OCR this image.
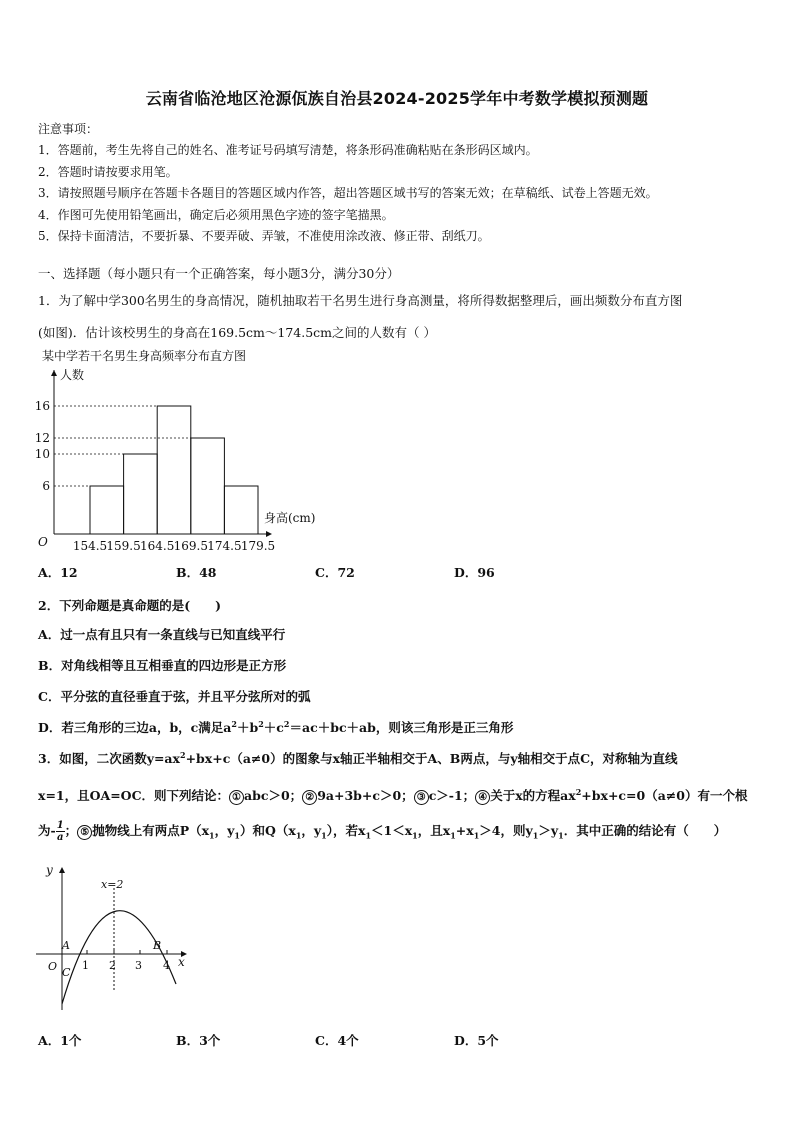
云南省临沧地区沧源佤族自治县2024-2025学年中考数学模拟预测题
注意事项：
1．答题前，考生先将自己的姓名、准考证号码填写清楚，将条形码准确粘贴在条形码区域内。
2．答题时请按要求用笔。
3．请按照题号顺序在答题卡各题目的答题区域内作答，超出答题区域书写的答案无效；在草稿纸、试卷上答题无效。
4．作图可先使用铅笔画出，确定后必须用黑色字迹的签字笔描黑。
5．保持卡面清洁，不要折暴、不要弄破、弄皱，不准使用涂改液、修正带、刮纸刀。
一、选择题（每小题只有一个正确答案，每小题3分，满分30分）
1．为了解中学300名男生的身高情况，随机抽取若干名男生进行身高测量，将所得数据整理后，画出频数分布直方图
(如图)．估计该校男生的身高在169.5cm～174.5cm之间的人数有（ ）
某中学若干名男生身高频率分布直方图
6
10
12
16
154.5 159.5 164.5 169.5 174.5 179.5
人数
身高(cm)
O
A．12	B．48	C．72	D．96
2．下列命题是真命题的是(　　)
A．过一点有且只有一条直线与已知直线平行
B．对角线相等且互相垂直的四边形是正方形
C．平分弦的直径垂直于弦，并且平分弦所对的弧
D．若三角形的三边a，b，c满足$a^2+b^2+c^2=ac+bc+ab$，则该三角形是正三角形
3．如图，二次函数$y=ax^2+bx+c(a\ne 0)$的图象与x轴正半轴相交于A、B两点，与y轴相交于点C，对称轴为直线
x=1，且OA=OC．则下列结论： ① abc＞0； ② 9a+3b+c＞0； ③ c＞-1； ④ 关于x的方程$ax^2+bx+c=0(a\ne 0)$有一个根
为- $\frac{1}{a}$ ； ⑤ 抛物线上有两点$P(x_1$，$y_1$）和$Q(x_1$，$y_1$），若$x_1<1<x_1$，且$x_1+x_1>4$，则$y_1>y_1$．其中正确的结论有（　　）
y
x
x=2
A	B
C
O 1 2 3 4
A．1个	B．3个	C．4个	D．5个
